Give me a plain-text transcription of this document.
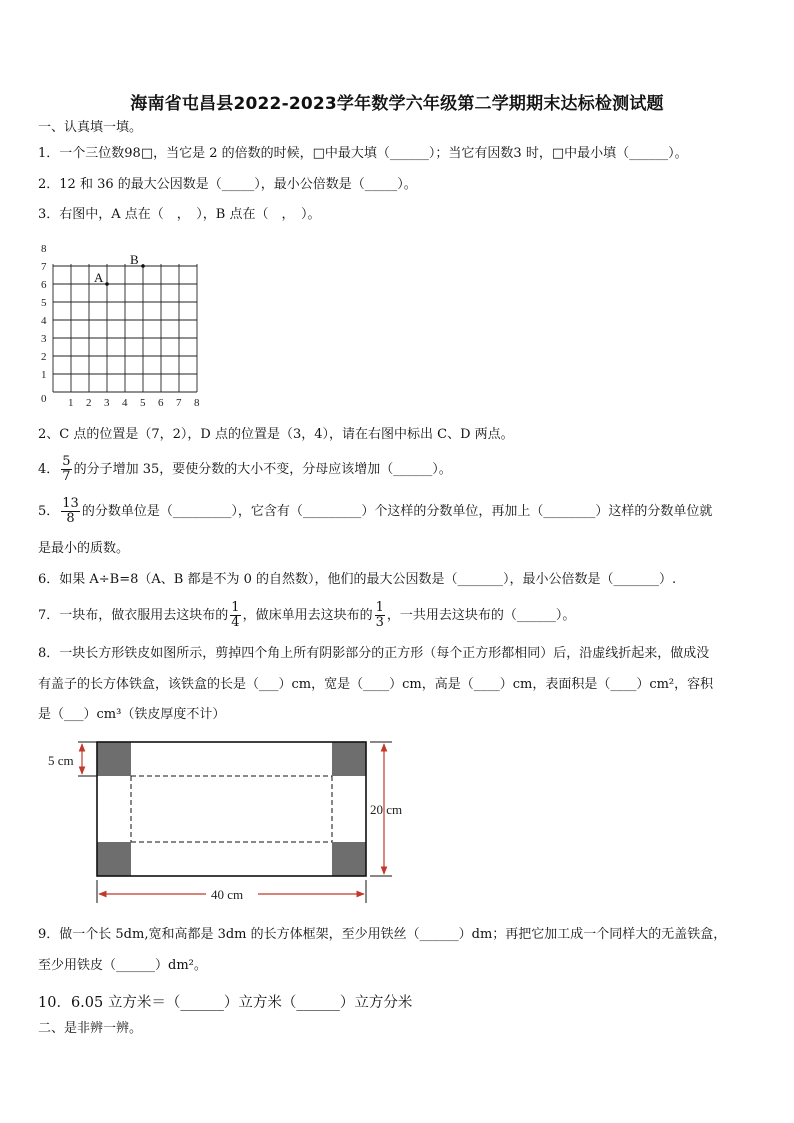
海南省屯昌县2022-2023学年数学六年级第二学期期末达标检测试题
一、认真填一填。
1．一个三位数98□，当它是 2 的倍数的时候，□中最大填（______）；当它有因数3 时，□中最小填（______）。
2．12 和 36 的最大公因数是（_____），最小公倍数是（_____）。
3．右图中，A 点在（　，　），B 点在（　，　）。
0
1
2
3
4
5
6
7
8
1 2 3 4 5 6 7 8
A
B
2、C 点的位置是（7，2），D 点的位置是（3，4），请在右图中标出 C、D 两点。
4． $\frac{5}{7}$ 的分子增加 35，要使分数的大小不变，分母应该增加（______）。
5． $\frac{13}{8}$ 的分数单位是（_________），它含有（_________）个这样的分数单位，再加上（________）这样的分数单位就
是最小的质数。
6．如果 A÷B=8（A、B 都是不为 0 的自然数），他们的最大公因数是（_______），最小公倍数是（_______）.
7．一块布，做衣服用去这块布的 $\frac{1}{4}$ ，做床单用去这块布的 $\frac{1}{3}$ ，一共用去这块布的（______）。
8．一块长方形铁皮如图所示，剪掉四个角上所有阴影部分的正方形（每个正方形都相同）后，沿虚线折起来，做成没
有盖子的长方体铁盒，该铁盒的长是（___）cm，宽是（____）cm，高是（____）cm，表面积是（____）cm²，容积
是（___）cm³（铁皮厚度不计）
5 cm
20 cm
40 cm
9．做一个长 5dm,宽和高都是 3dm 的长方体框架，至少用铁丝（______）dm；再把它加工成一个同样大的无盖铁盒，
至少用铁皮（______）dm²。
10．6.05 立方米＝（______）立方米（______）立方分米
二、是非辨一辨。
